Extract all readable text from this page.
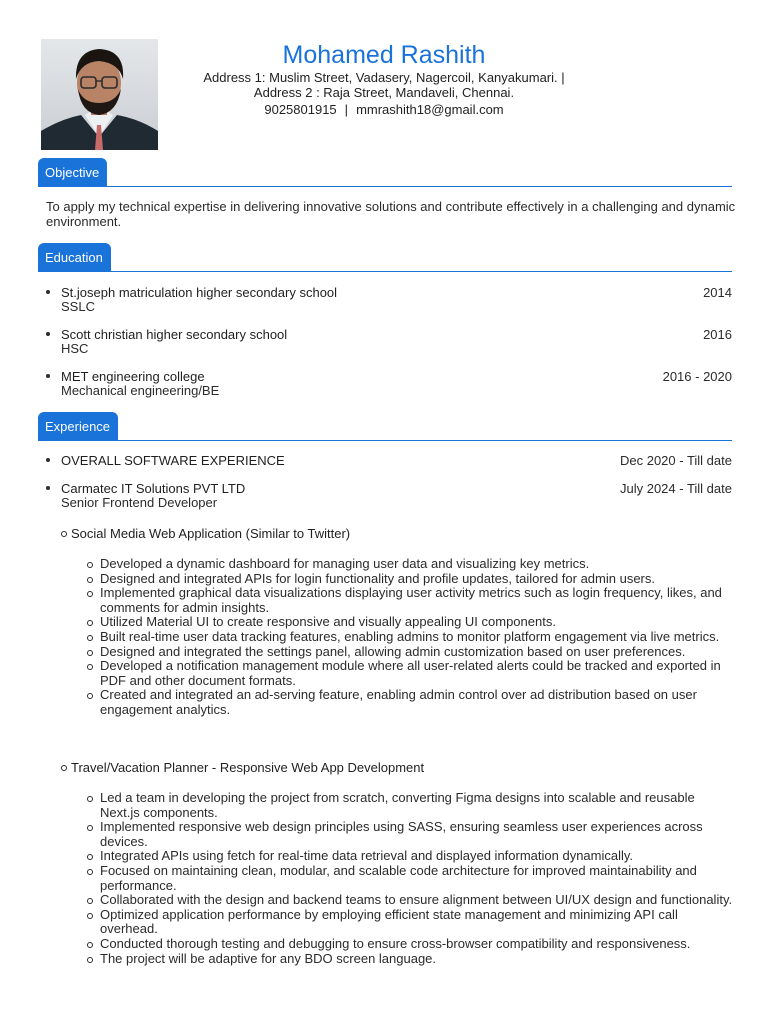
Mohamed Rashith
Address 1: Muslim Street, Vadasery, Nagercoil, Kanyakumari. |
Address 2 : Raja Street, Mandaveli, Chennai.
9025801915 | mmrashith18@gmail.com
Objective
To apply my technical expertise in delivering innovative solutions and contribute effectively in a challenging and dynamic environment.
Education
St.joseph matriculation higher secondary school
SSLC
2014
Scott christian higher secondary school
HSC
2016
MET engineering college
Mechanical engineering/BE
2016 - 2020
Experience
OVERALL SOFTWARE EXPERIENCE	Dec 2020 - Till date
Carmatec IT Solutions PVT LTD
Senior Frontend Developer
July 2024 - Till date
Social Media Web Application (Similar to Twitter)
Developed a dynamic dashboard for managing user data and visualizing key metrics.
Designed and integrated APIs for login functionality and profile updates, tailored for admin users.
Implemented graphical data visualizations displaying user activity metrics such as login frequency, likes, and comments for admin insights.
Utilized Material UI to create responsive and visually appealing UI components.
Built real-time user data tracking features, enabling admins to monitor platform engagement via live metrics.
Designed and integrated the settings panel, allowing admin customization based on user preferences.
Developed a notification management module where all user-related alerts could be tracked and exported in PDF and other document formats.
Created and integrated an ad-serving feature, enabling admin control over ad distribution based on user engagement analytics.
Travel/Vacation Planner - Responsive Web App Development
Led a team in developing the project from scratch, converting Figma designs into scalable and reusable Next.js components.
Implemented responsive web design principles using SASS, ensuring seamless user experiences across devices.
Integrated APIs using fetch for real-time data retrieval and displayed information dynamically.
Focused on maintaining clean, modular, and scalable code architecture for improved maintainability and performance.
Collaborated with the design and backend teams to ensure alignment between UI/UX design and functionality.
Optimized application performance by employing efficient state management and minimizing API call overhead.
Conducted thorough testing and debugging to ensure cross-browser compatibility and responsiveness.
The project will be adaptive for any BDO screen language.
